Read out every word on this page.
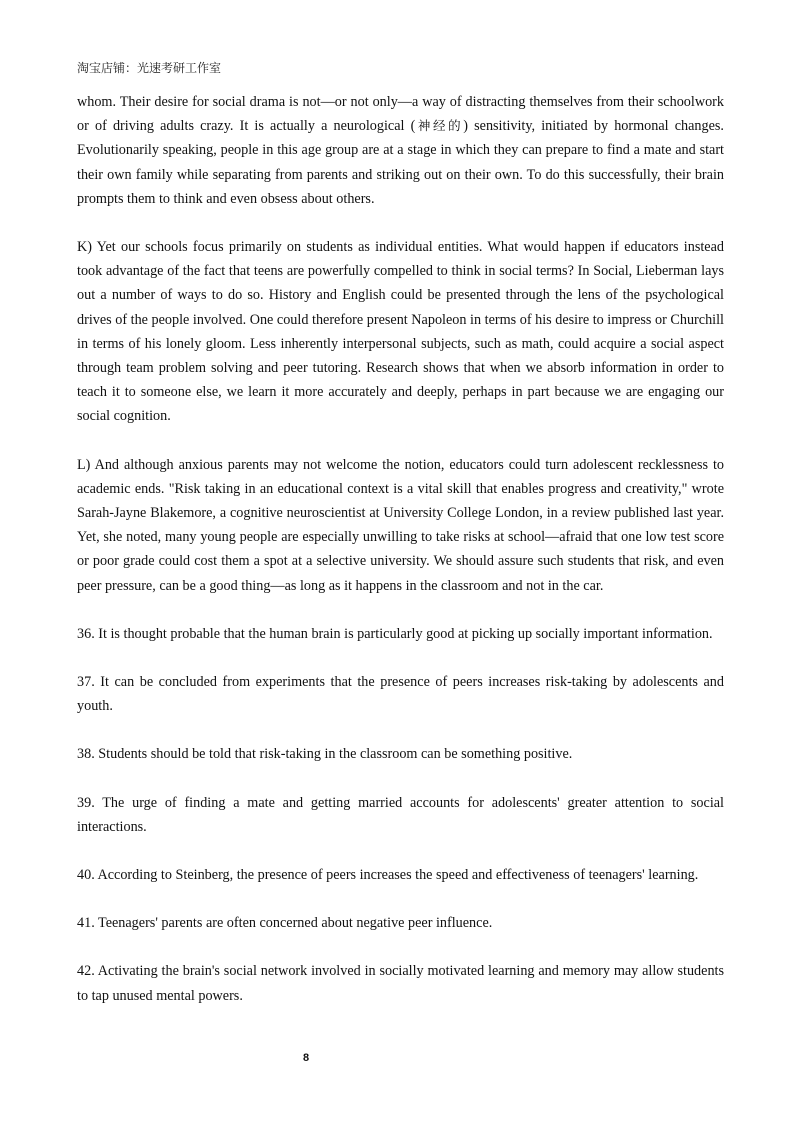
淘宝店铺：光速考研工作室

whom. Their desire for social drama is not—or not only—a way of distracting themselves from their schoolwork or of driving adults crazy. It is actually a neurological (神经的) sensitivity, initiated by hormonal changes. Evolutionarily speaking, people in this age group are at a stage in which they can prepare to find a mate and start their own family while separating from parents and striking out on their own. To do this successfully, their brain prompts them to think and even obsess about others.

K) Yet our schools focus primarily on students as individual entities. What would happen if educators instead took advantage of the fact that teens are powerfully compelled to think in social terms? In Social, Lieberman lays out a number of ways to do so. History and English could be presented through the lens of the psychological drives of the people involved. One could therefore present Napoleon in terms of his desire to impress or Churchill in terms of his lonely gloom. Less inherently interpersonal subjects, such as math, could acquire a social aspect through team problem solving and peer tutoring. Research shows that when we absorb information in order to teach it to someone else, we learn it more accurately and deeply, perhaps in part because we are engaging our social cognition.

L) And although anxious parents may not welcome the notion, educators could turn adolescent recklessness to academic ends. "Risk taking in an educational context is a vital skill that enables progress and creativity," wrote Sarah-Jayne Blakemore, a cognitive neuroscientist at University College London, in a review published last year. Yet, she noted, many young people are especially unwilling to take risks at school—afraid that one low test score or poor grade could cost them a spot at a selective university. We should assure such students that risk, and even peer pressure, can be a good thing—as long as it happens in the classroom and not in the car.

36. It is thought probable that the human brain is particularly good at picking up socially important information.

37. It can be concluded from experiments that the presence of peers increases risk-taking by adolescents and youth.

38. Students should be told that risk-taking in the classroom can be something positive.

39. The urge of finding a mate and getting married accounts for adolescents' greater attention to social interactions.

40. According to Steinberg, the presence of peers increases the speed and effectiveness of teenagers' learning.

41. Teenagers' parents are often concerned about negative peer influence.

42. Activating the brain's social network involved in socially motivated learning and memory may allow students to tap unused mental powers.

8
